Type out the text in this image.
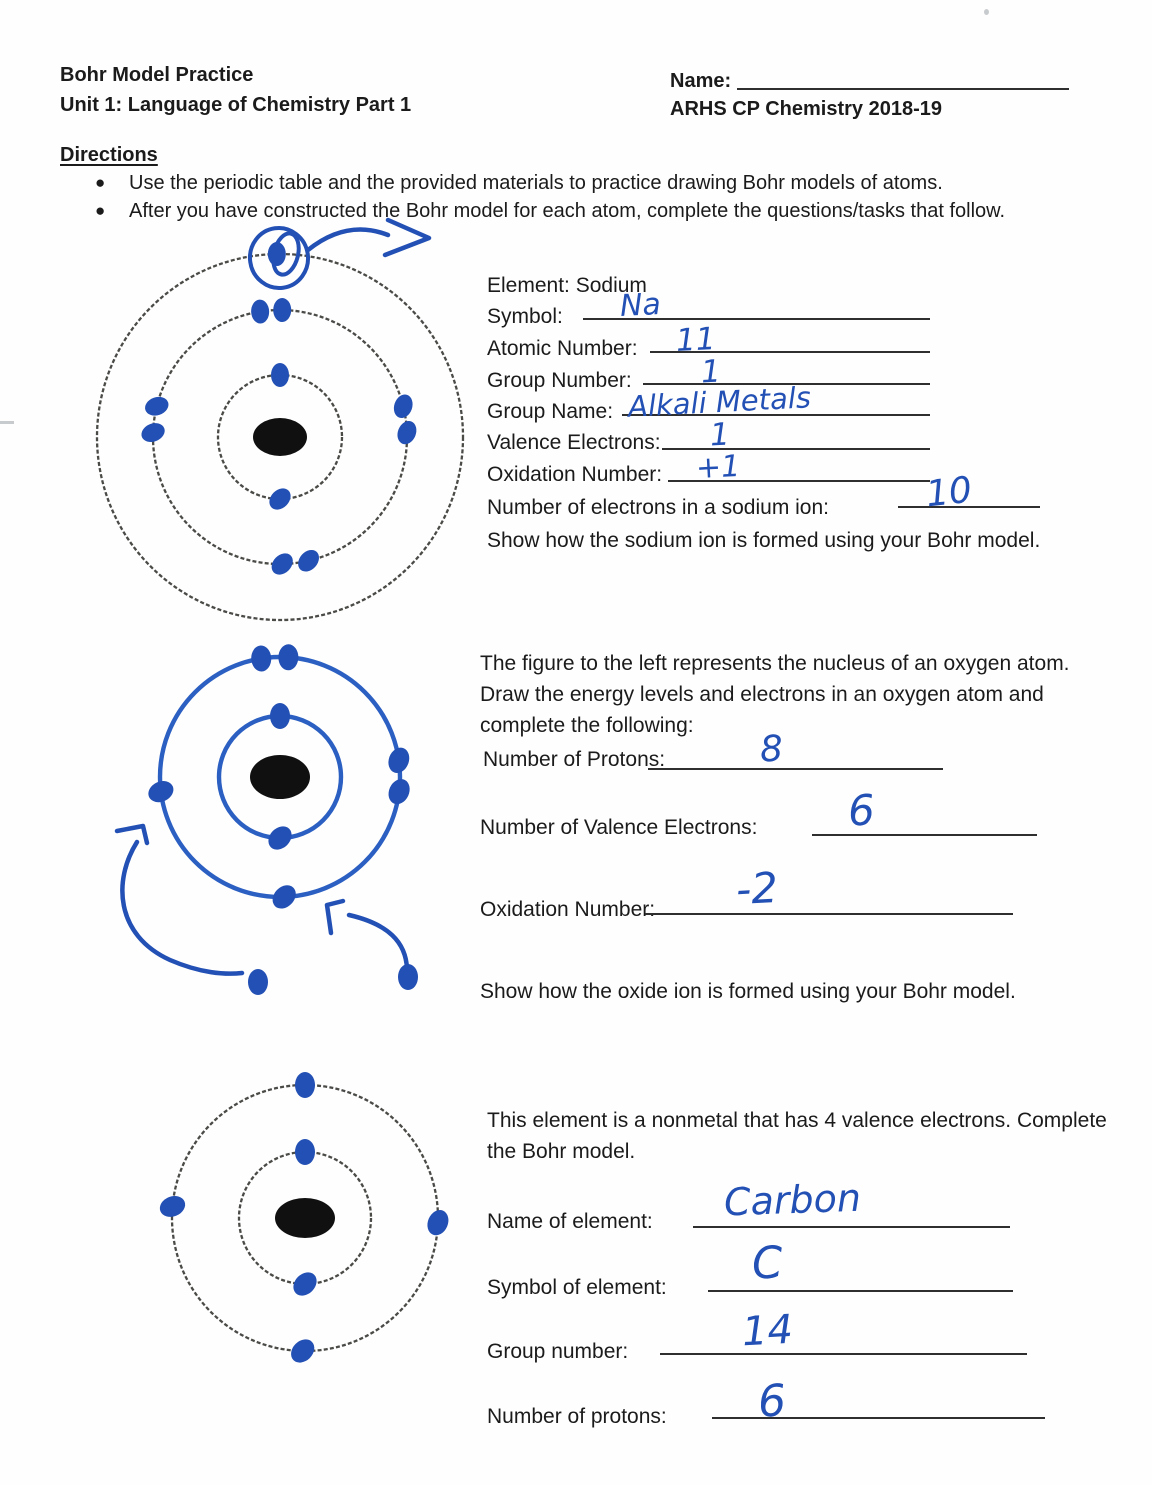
Bohr Model Practice
Unit 1: Language of Chemistry Part 1
Name:
ARHS CP Chemistry 2018-19
Directions
●	Use the periodic table and the provided materials to practice drawing Bohr models of atoms.
●	After you have constructed the Bohr model for each atom, complete the questions/tasks that follow.
Element: Sodium
Symbol: Na
Atomic Number: 11
Group Number: 1
Group Name: Alkali Metals
Valence Electrons: 1
Oxidation Number: +1
Number of electrons in a sodium ion:	10
Show how the sodium ion is formed using your Bohr model.
The figure to the left represents the nucleus of an oxygen atom. Draw the energy levels and electrons in an oxygen atom and complete the following:
Number of Protons:	8
Number of Valence Electrons: 6
Oxidation Number: -2
Show how the oxide ion is formed using your Bohr model.
This element is a nonmetal that has 4 valence electrons. Complete the Bohr model.
Name of element: Carbon
Symbol of element: C
Group number:	14
Number of protons: 6
